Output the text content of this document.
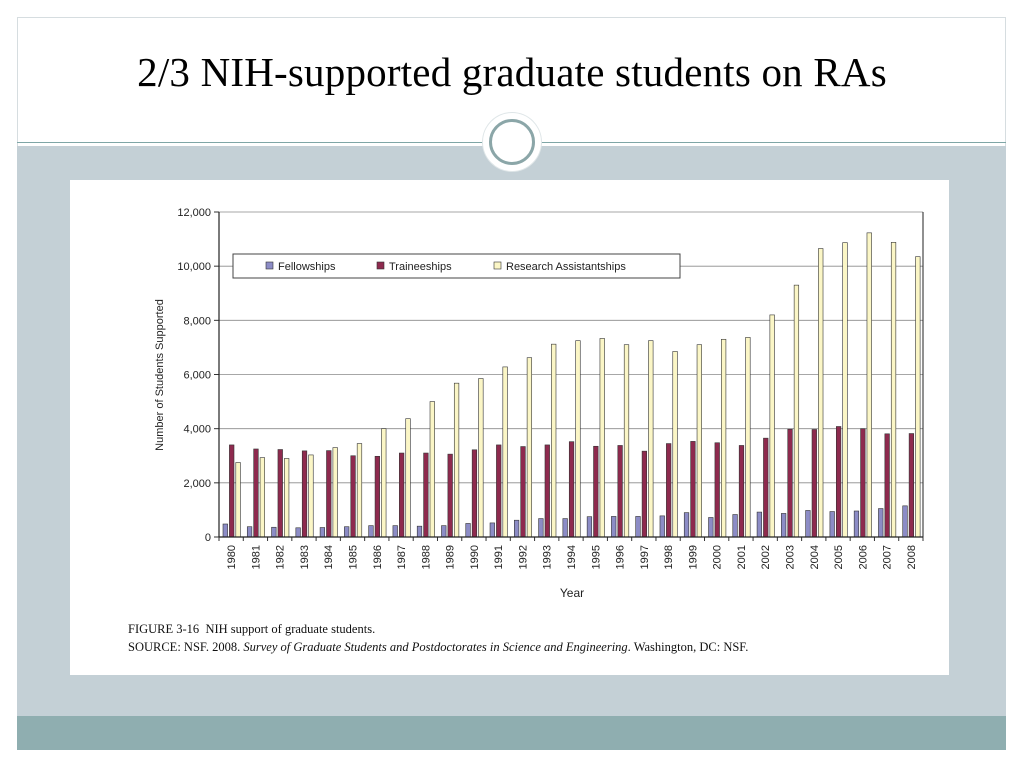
2/3 NIH-supported graduate students on RAs
0
2,000
4,000
6,000
8,000
10,000
12,000
1980 1981 1982 1983 1984 1985 1986 1987 1988 1989 1990 1991 1992 1993 1994 1995 1996 1997 1998 1999 2000 2001 2002 2003 2004 2005 2006 2007 2008
Number of Students Supported
Year
Fellowships	Traineeships	Research Assistantships
FIGURE 3-16 NIH support of graduate students.
SOURCE: NSF. 2008. Survey of Graduate Students and Postdoctorates in Science and Engineering. Washington, DC: NSF.
